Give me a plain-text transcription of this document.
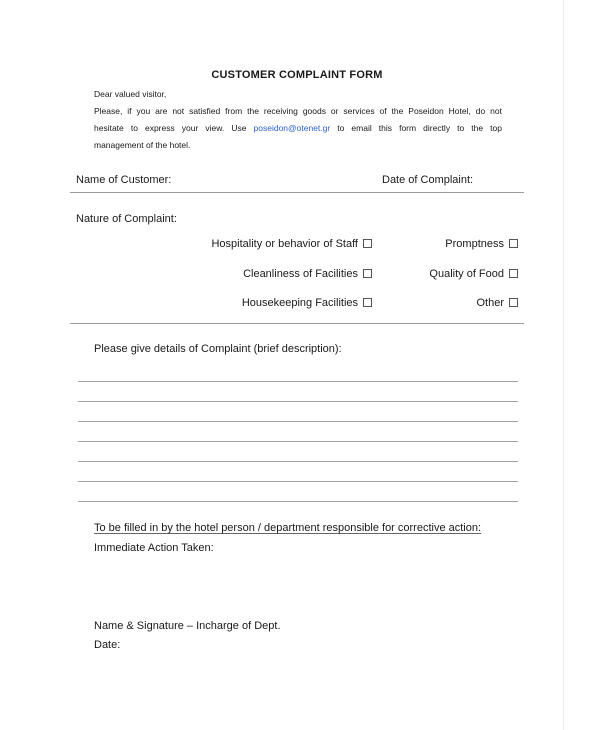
CUSTOMER COMPLAINT FORM
Dear valued visitor,
Please, if you are not satisfied from the receiving goods or services of the Poseidon Hotel, do not
hesitate to express your view. Use poseidon@otenet.gr to email this form directly to the top
management of the hotel.
Name of Customer:	Date of Complaint:
Nature of Complaint:
Hospitality or behavior of Staff	Promptness
Cleanliness of Facilities	Quality of Food
Housekeeping Facilities	Other
Please give details of Complaint (brief description):
To be filled in by the hotel person / department responsible for corrective action:
Immediate Action Taken:
Name & Signature – Incharge of Dept.
Date:
